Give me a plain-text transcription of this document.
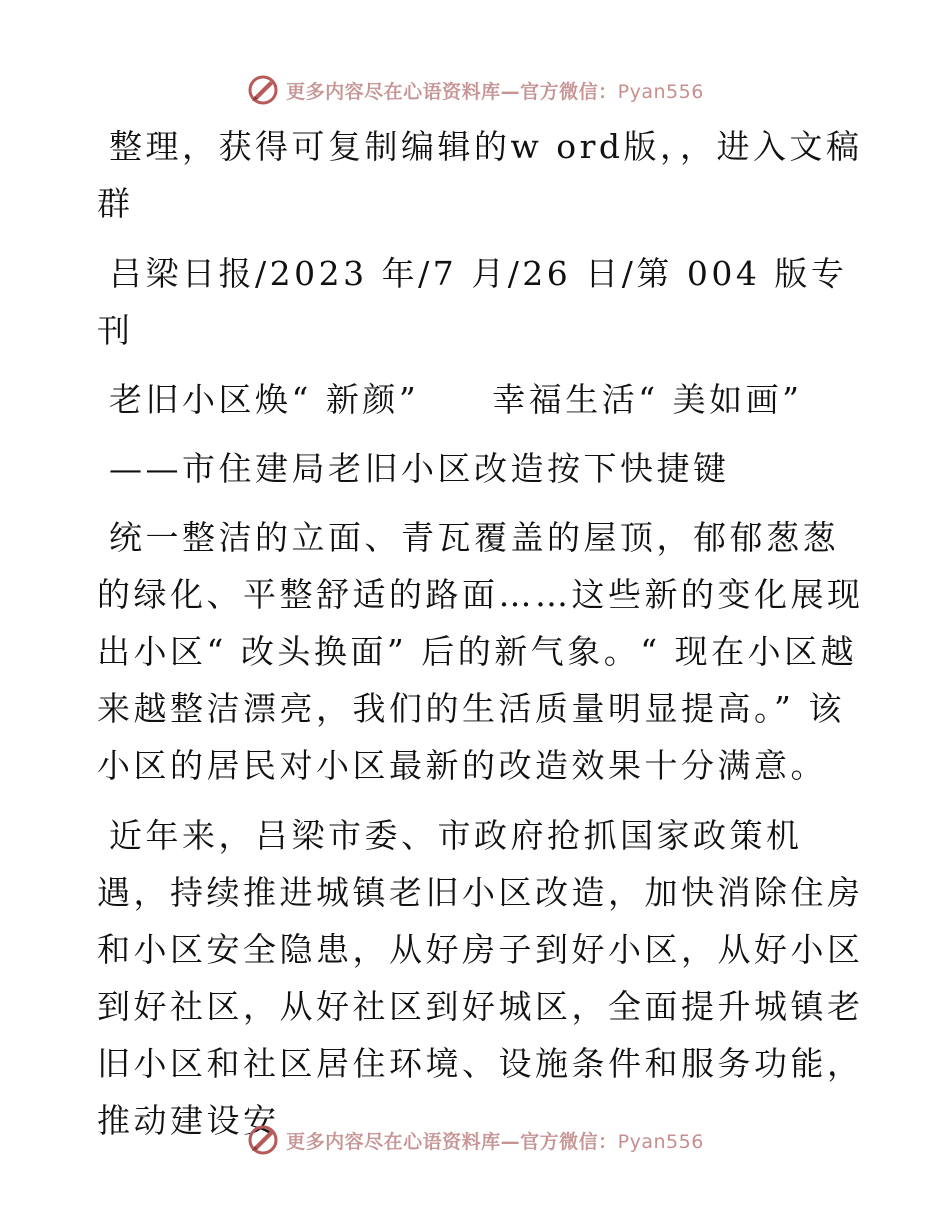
更多内容尽在心语资料库—官方微信：Pyan556

整理，获得可复制编辑的w ord版，，进入文稿群

吕梁日报/2023 年/7 月/26 日/第 004 版专刊

老旧小区焕“ 新颜”　　幸福生活“ 美如画”

——市住建局老旧小区改造按下快捷键

统一整洁的立面、青瓦覆盖的屋顶，郁郁葱葱的绿化、平整舒适的路面……这些新的变化展现出小区“ 改头换面” 后的新气象。“ 现在小区越来越整洁漂亮，我们的生活质量明显提高。” 该小区的居民对小区最新的改造效果十分满意。

近年来，吕梁市委、市政府抢抓国家政策机遇，持续推进城镇老旧小区改造，加快消除住房和小区安全隐患，从好房子到好小区，从好小区到好社区，从好社区到好城区，全面提升城镇老旧小区和社区居住环境、设施条件和服务功能，推动建设安

更多内容尽在心语资料库—官方微信：Pyan556
